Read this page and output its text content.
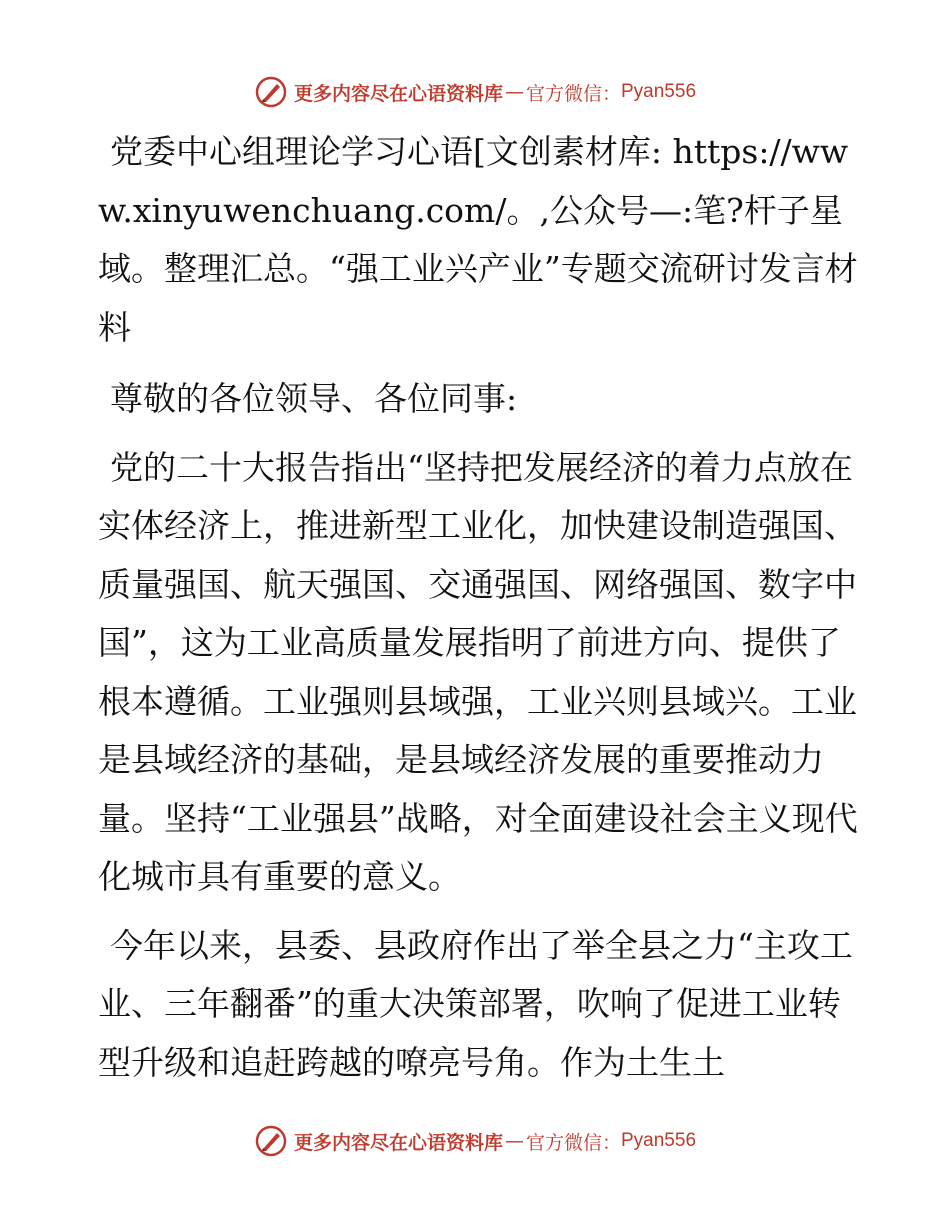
更多内容尽在心语资料库 — 官方微信： Pyan556

党委中心组理论学习心语[文创素材库: https://www.xinyuwenchuang.com/。,公众号—:笔?杆子星域。整理汇总。“强工业兴产业”专题交流研讨发言材料

尊敬的各位领导、各位同事:

党的二十大报告指出“坚持把发展经济的着力点放在实体经济上，推进新型工业化，加快建设制造强国、质量强国、航天强国、交通强国、网络强国、数字中国”，这为工业高质量发展指明了前进方向、提供了根本遵循。工业强则县域强，工业兴则县域兴。工业是县域经济的基础，是县域经济发展的重要推动力量。坚持“工业强县”战略，对全面建设社会主义现代化城市具有重要的意义。

今年以来，县委、县政府作出了举全县之力“主攻工业、三年翻番”的重大决策部署，吹响了促进工业转型升级和追赶跨越的嘹亮号角。作为土生土

更多内容尽在心语资料库 — 官方微信： Pyan556
